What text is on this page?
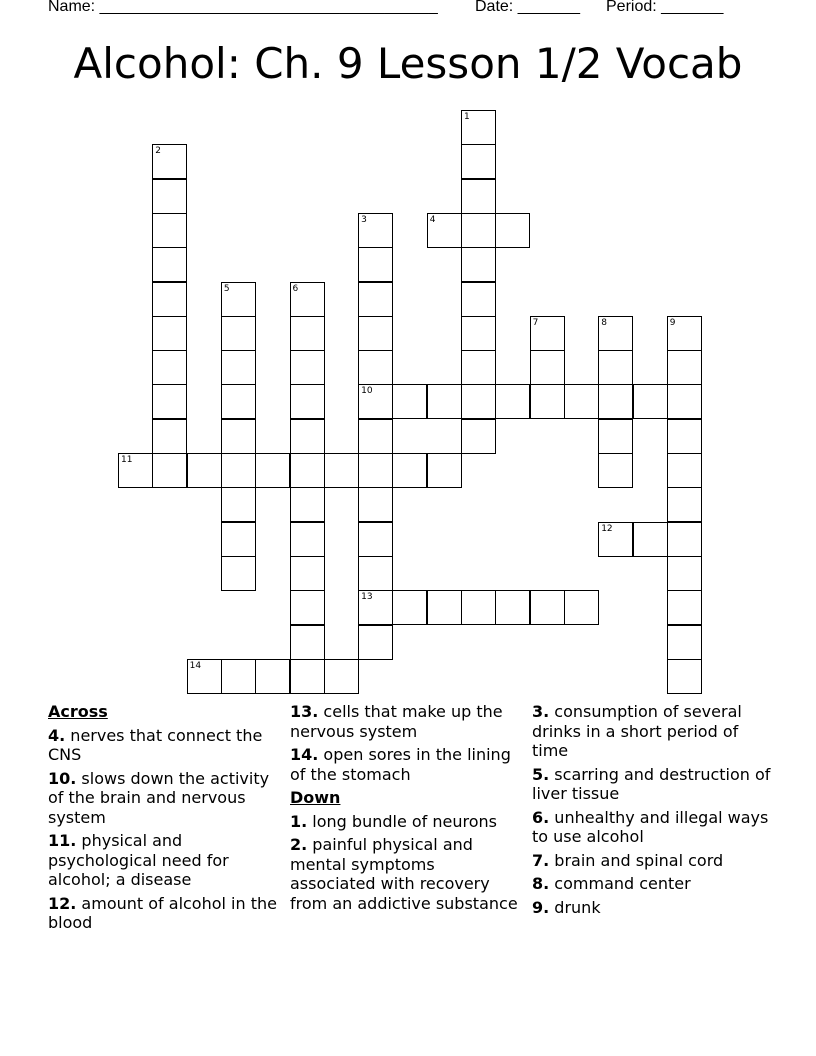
Name: ______________________________________

Date: _______

Period: _______

Alcohol: Ch. 9 Lesson 1/2 Vocab
1
2
3
10
13
4
5	6
7	8	9
11
12
14
Across
4. nerves that connect the CNS
10. slows down the activity of the brain and nervous system
11. physical and psychological need for alcohol; a disease
12. amount of alcohol in the blood
13. cells that make up the nervous system
14. open sores in the lining of the stomach
Down
1. long bundle of neurons
2. painful physical and mental symptoms associated with recovery from an addictive substance
3. consumption of several drinks in a short period of time
5. scarring and destruction of liver tissue
6. unhealthy and illegal ways to use alcohol
7. brain and spinal cord
8. command center
9. drunk
